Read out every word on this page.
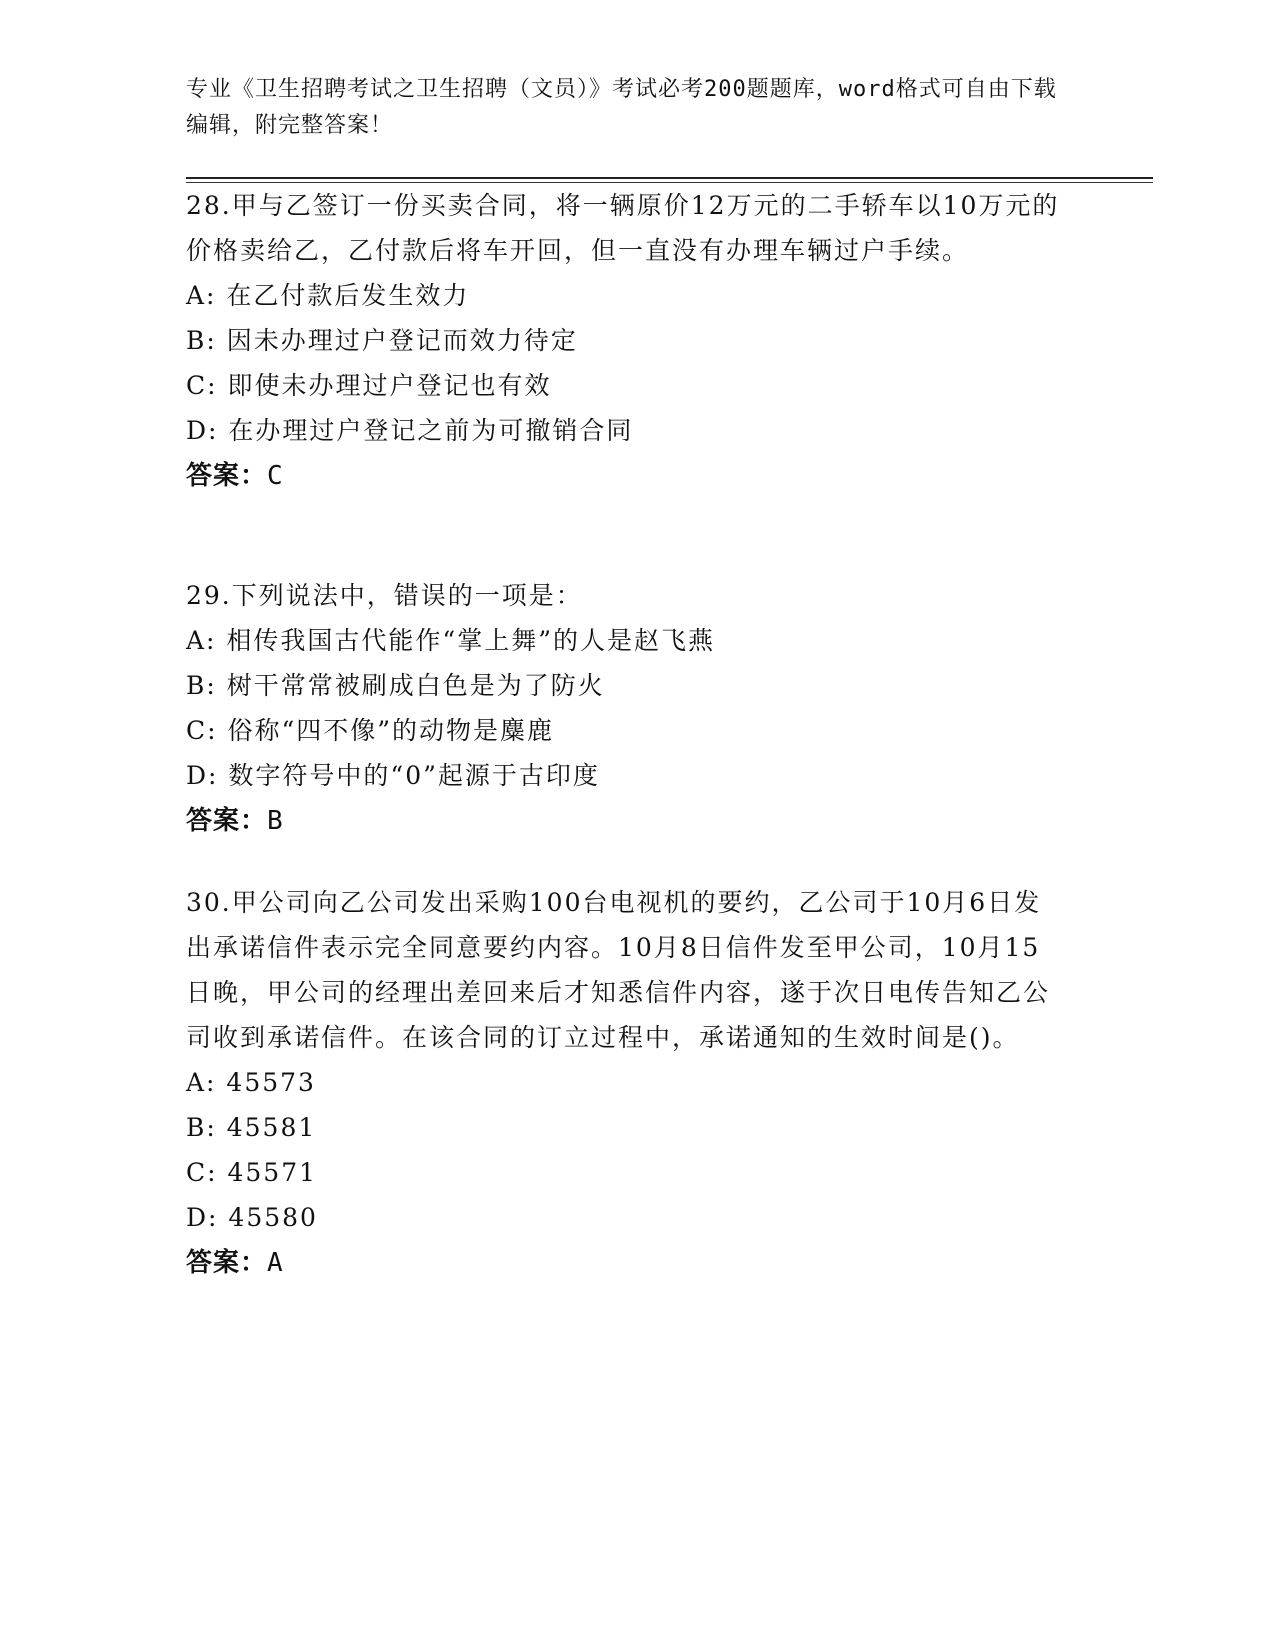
专业《卫生招聘考试之卫生招聘（文员）》考试必考200题题库，word格式可自由下载编辑，附完整答案！

28.甲与乙签订一份买卖合同，将一辆原价12万元的二手轿车以10万元的价格卖给乙，乙付款后将车开回，但一直没有办理车辆过户手续。

A: 在乙付款后发生效力

B: 因未办理过户登记而效力待定

C: 即使未办理过户登记也有效

D: 在办理过户登记之前为可撤销合同

答案：C

29.下列说法中，错误的一项是：

A: 相传我国古代能作“掌上舞”的人是赵飞燕

B: 树干常常被刷成白色是为了防火

C: 俗称“四不像”的动物是麋鹿

D: 数字符号中的“0”起源于古印度

答案：B

30.甲公司向乙公司发出采购100台电视机的要约，乙公司于10月6日发出承诺信件表示完全同意要约内容。10月8日信件发至甲公司，10月15日晚，甲公司的经理出差回来后才知悉信件内容，遂于次日电传告知乙公司收到承诺信件。在该合同的订立过程中，承诺通知的生效时间是()。

A: 45573

B: 45581

C: 45571

D: 45580

答案：A
